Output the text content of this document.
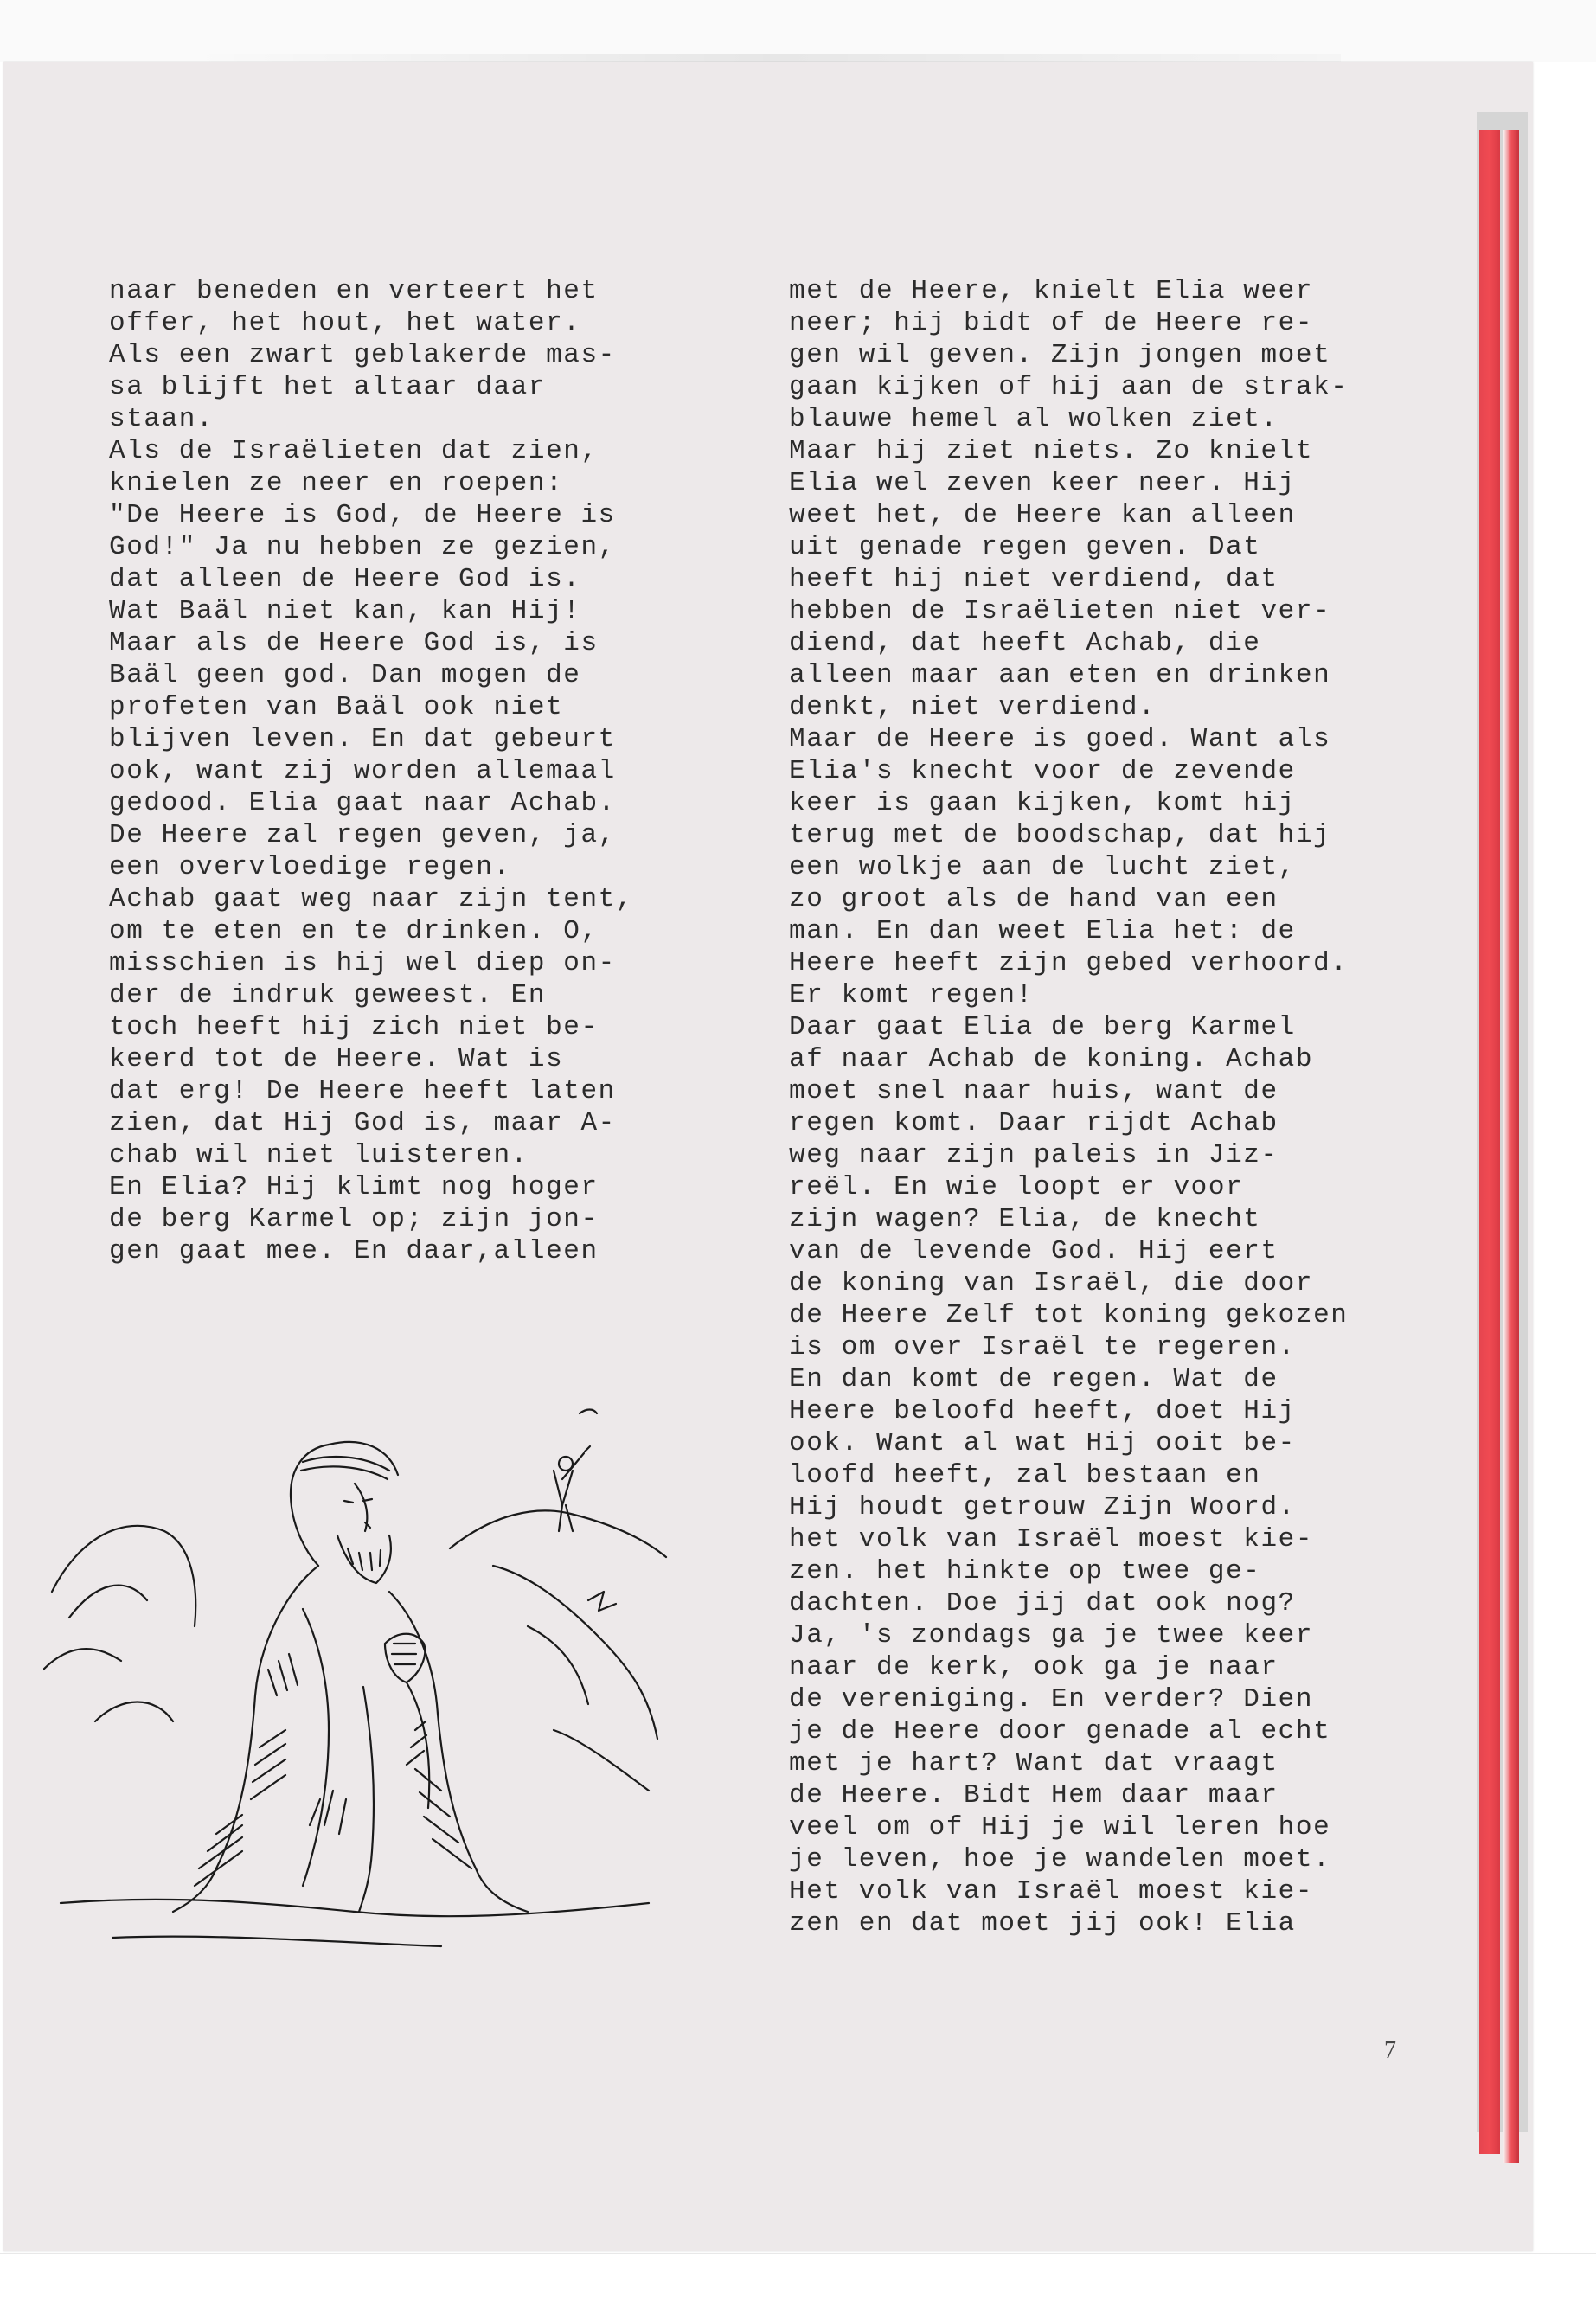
naar beneden en verteert het
offer, het hout, het water.
Als een zwart geblakerde mas-
sa blijft het altaar daar
staan.
Als de Israëlieten dat zien,
knielen ze neer en roepen:
"De Heere is God, de Heere is
God!" Ja nu hebben ze gezien,
dat alleen de Heere God is.
Wat Baäl niet kan, kan Hij!
Maar als de Heere God is, is
Baäl geen god. Dan mogen de
profeten van Baäl ook niet
blijven leven. En dat gebeurt
ook, want zij worden allemaal
gedood. Elia gaat naar Achab.
De Heere zal regen geven, ja,
een overvloedige regen.
Achab gaat weg naar zijn tent,
om te eten en te drinken. O,
misschien is hij wel diep on-
der de indruk geweest. En
toch heeft hij zich niet be-
keerd tot de Heere. Wat is
dat erg! De Heere heeft laten
zien, dat Hij God is, maar A-
chab wil niet luisteren.
En Elia? Hij klimt nog hoger
de berg Karmel op; zijn jon-
gen gaat mee. En daar,alleen
met de Heere, knielt Elia weer
neer; hij bidt of de Heere re-
gen wil geven. Zijn jongen moet
gaan kijken of hij aan de strak-
blauwe hemel al wolken ziet.
Maar hij ziet niets. Zo knielt
Elia wel zeven keer neer. Hij
weet het, de Heere kan alleen
uit genade regen geven. Dat
heeft hij niet verdiend, dat
hebben de Israëlieten niet ver-
diend, dat heeft Achab, die
alleen maar aan eten en drinken
denkt, niet verdiend.
Maar de Heere is goed. Want als
Elia's knecht voor de zevende
keer is gaan kijken, komt hij
terug met de boodschap, dat hij
een wolkje aan de lucht ziet,
zo groot als de hand van een
man. En dan weet Elia het: de
Heere heeft zijn gebed verhoord.
Er komt regen!
Daar gaat Elia de berg Karmel
af naar Achab de koning. Achab
moet snel naar huis, want de
regen komt. Daar rijdt Achab
weg naar zijn paleis in Jiz-
reël. En wie loopt er voor
zijn wagen? Elia, de knecht
van de levende God. Hij eert
de koning van Israël, die door
de Heere Zelf tot koning gekozen
is om over Israël te regeren.
En dan komt de regen. Wat de
Heere beloofd heeft, doet Hij
ook. Want al wat Hij ooit be-
loofd heeft, zal bestaan en
Hij houdt getrouw Zijn Woord.
het volk van Israël moest kie-
zen. het hinkte op twee ge-
dachten. Doe jij dat ook nog?
Ja, 's zondags ga je twee keer
naar de kerk, ook ga je naar
de vereniging. En verder? Dien
je de Heere door genade al echt
met je hart? Want dat vraagt
de Heere. Bidt Hem daar maar
veel om of Hij je wil leren hoe
je leven, hoe je wandelen moet.
Het volk van Israël moest kie-
zen en dat moet jij ook! Elia
7
